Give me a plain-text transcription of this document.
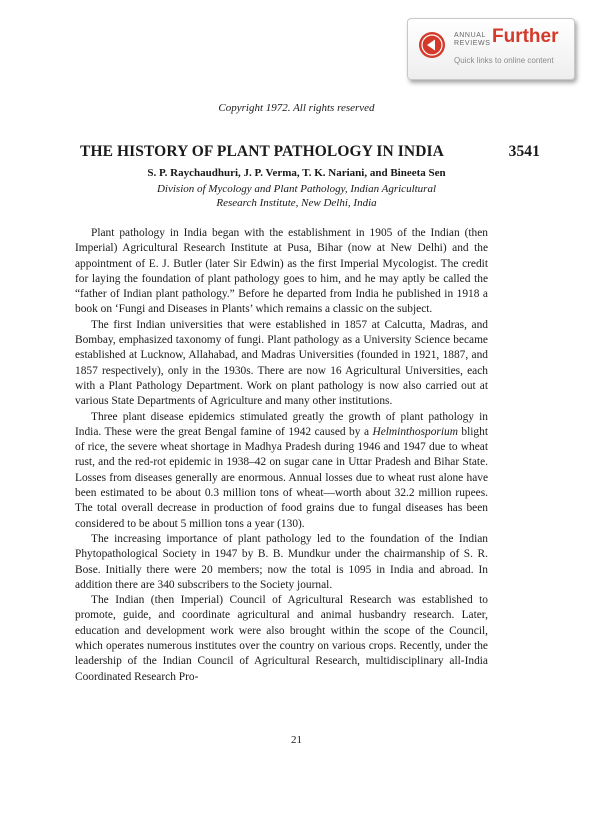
ANNUAL
REVIEWS Further
Quick links to online content
Copyright 1972. All rights reserved
THE HISTORY OF PLANT PATHOLOGY IN INDIA	3541
S. P. Raychaudhuri, J. P. Verma, T. K. Nariani, and Bineeta Sen
Division of Mycology and Plant Pathology, Indian Agricultural
Research Institute, New Delhi, India

Plant pathology in India began with the establishment in 1905 of the Indian (then Imperial) Agricultural Research Institute at Pusa, Bihar (now at New Delhi) and the appointment of E. J. Butler (later Sir Edwin) as the first Imperial Mycologist. The credit for laying the foundation of plant pathology goes to him, and he may aptly be called the “father of Indian plant pathology.” Before he departed from India he published in 1918 a book on ‘Fungi and Diseases in Plants’ which remains a classic on the subject.

The first Indian universities that were established in 1857 at Calcutta, Madras, and Bombay, emphasized taxonomy of fungi. Plant pathology as a University Science became established at Lucknow, Allahabad, and Madras Universities (founded in 1921, 1887, and 1857 respectively), only in the 1930s. There are now 16 Agricultural Universities, each with a Plant Pathology Department. Work on plant pathology is now also carried out at various State Departments of Agriculture and many other institutions.

Three plant disease epidemics stimulated greatly the growth of plant pathology in India. These were the great Bengal famine of 1942 caused by a Helminthosporium blight of rice, the severe wheat shortage in Madhya Pradesh during 1946 and 1947 due to wheat rust, and the red-rot epidemic in 1938–42 on sugar cane in Uttar Pradesh and Bihar State. Losses from diseases generally are enormous. Annual losses due to wheat rust alone have been estimated to be about 0.3 million tons of wheat—worth about 32.2 million rupees. The total overall decrease in production of food grains due to fungal diseases has been considered to be about 5 million tons a year (130).

The increasing importance of plant pathology led to the foundation of the Indian Phytopathological Society in 1947 by B. B. Mundkur under the chairmanship of S. R. Bose. Initially there were 20 members; now the total is 1095 in India and abroad. In addition there are 340 subscribers to the Society journal.

The Indian (then Imperial) Council of Agricultural Research was established to promote, guide, and coordinate agricultural and animal husbandry research. Later, education and development work were also brought within the scope of the Council, which operates numerous institutes over the country on various crops. Recently, under the leadership of the Indian Council of Agricultural Research, multidisciplinary all-India Coordinated Research Pro-

21
